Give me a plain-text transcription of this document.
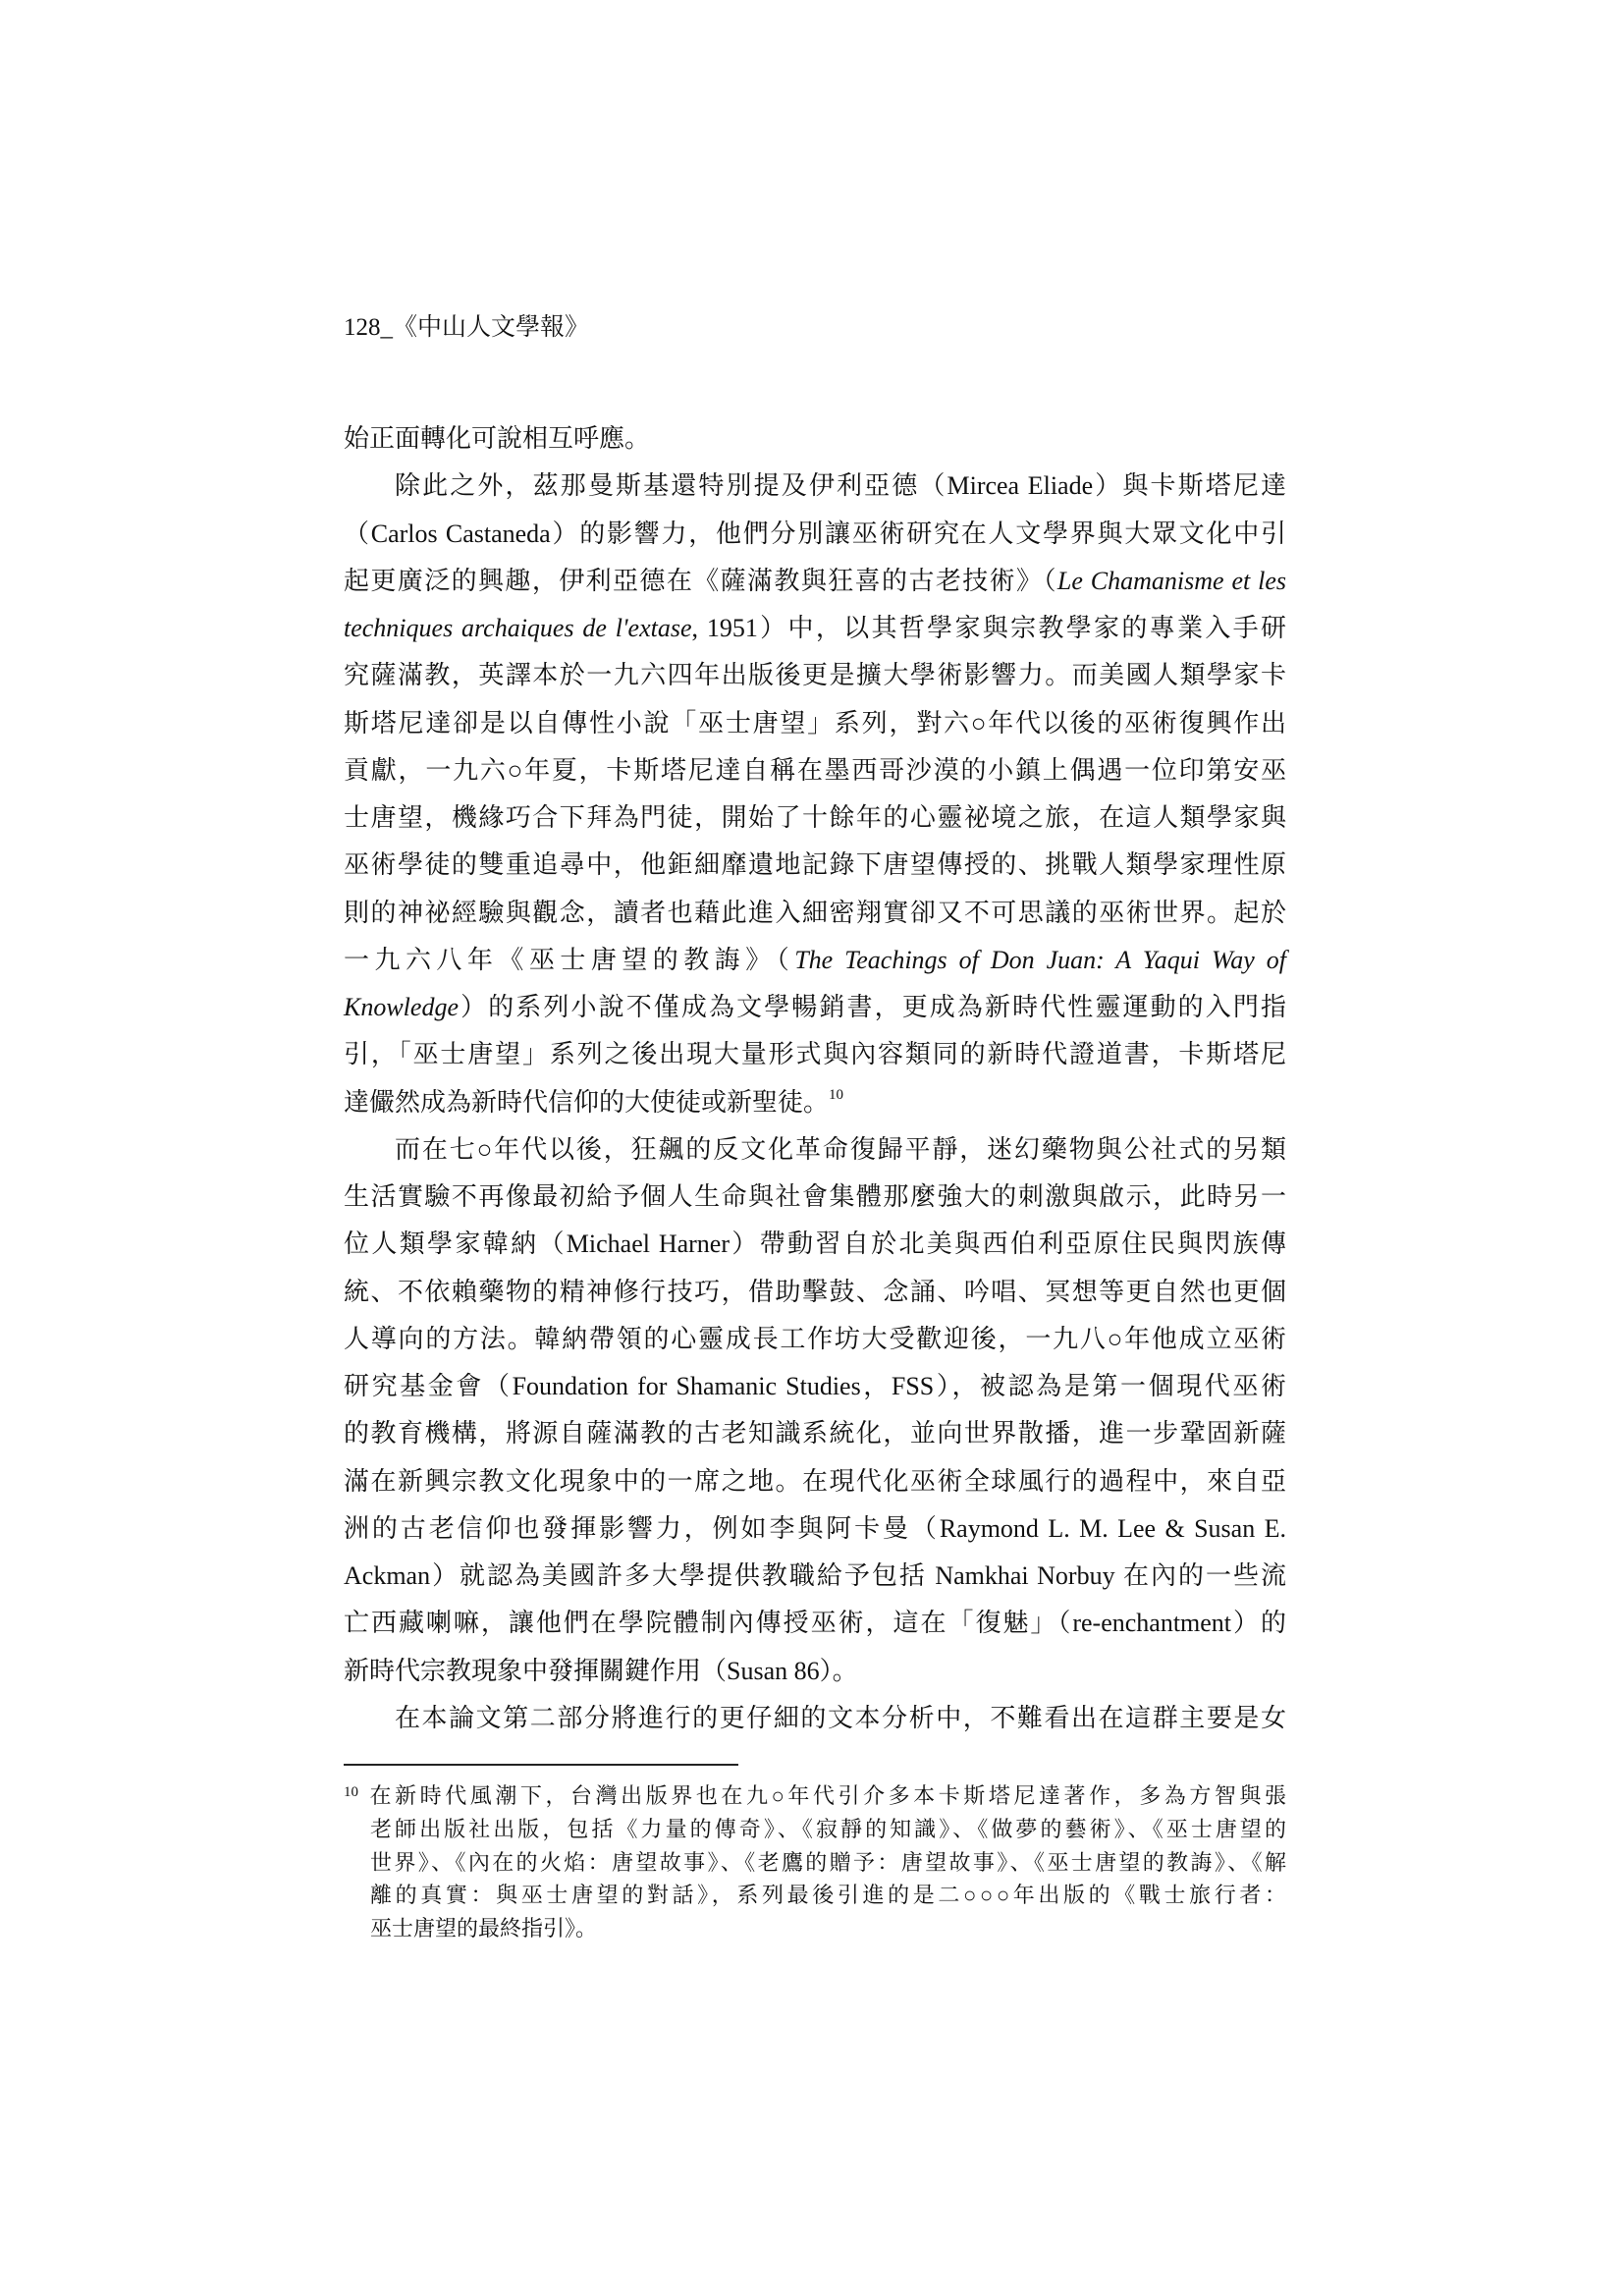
128_《中山人文學報》
始正面轉化可說相互呼應。
除此之外，茲那曼斯基還特別提及伊利亞德（Mircea Eliade）與卡斯塔尼達
（Carlos Castaneda）的影響力，他們分別讓巫術研究在人文學界與大眾文化中引
起更廣泛的興趣，伊利亞德在《薩滿教與狂喜的古老技術》（Le Chamanisme et les
techniques archaiques de l'extase, 1951）中，以其哲學家與宗教學家的專業入手研
究薩滿教，英譯本於一九六四年出版後更是擴大學術影響力。而美國人類學家卡
斯塔尼達卻是以自傳性小說「巫士唐望」系列，對六○年代以後的巫術復興作出
貢獻，一九六○年夏，卡斯塔尼達自稱在墨西哥沙漠的小鎮上偶遇一位印第安巫
士唐望，機緣巧合下拜為門徒，開始了十餘年的心靈祕境之旅，在這人類學家與
巫術學徒的雙重追尋中，他鉅細靡遺地記錄下唐望傳授的、挑戰人類學家理性原
則的神祕經驗與觀念，讀者也藉此進入細密翔實卻又不可思議的巫術世界。起於
一九六八年《巫士唐望的教誨》（The Teachings of Don Juan: A Yaqui Way of
Knowledge）的系列小說不僅成為文學暢銷書，更成為新時代性靈運動的入門指
引，「巫士唐望」系列之後出現大量形式與內容類同的新時代證道書，卡斯塔尼
達儼然成為新時代信仰的大使徒或新聖徒。$^{10}$
而在七○年代以後，狂飆的反文化革命復歸平靜，迷幻藥物與公社式的另類
生活實驗不再像最初給予個人生命與社會集體那麼強大的刺激與啟示，此時另一
位人類學家韓納（Michael Harner）帶動習自於北美與西伯利亞原住民與閃族傳
統、不依賴藥物的精神修行技巧，借助擊鼓、念誦、吟唱、冥想等更自然也更個
人導向的方法。韓納帶領的心靈成長工作坊大受歡迎後，一九八○年他成立巫術
研究基金會（Foundation for Shamanic Studies，FSS），被認為是第一個現代巫術
的教育機構，將源自薩滿教的古老知識系統化，並向世界散播，進一步鞏固新薩
滿在新興宗教文化現象中的一席之地。在現代化巫術全球風行的過程中，來自亞
洲的古老信仰也發揮影響力，例如李與阿卡曼（Raymond L. M. Lee & Susan E.
Ackman）就認為美國許多大學提供教職給予包括 Namkhai Norbuy 在內的一些流
亡西藏喇嘛，讓他們在學院體制內傳授巫術，這在「復魅」（re-enchantment）的
新時代宗教現象中發揮關鍵作用（Susan 86）。
在本論文第二部分將進行的更仔細的文本分析中，不難看出在這群主要是女
$^{10}$ 在新時代風潮下，台灣出版界也在九○年代引介多本卡斯塔尼達著作，多為方智與張
老師出版社出版，包括《力量的傳奇》、《寂靜的知識》、《做夢的藝術》、《巫士唐望的
世界》、《內在的火焰：唐望故事》、《老鷹的贈予：唐望故事》、《巫士唐望的教誨》、《解
離的真實：與巫士唐望的對話》，系列最後引進的是二○○○年出版的《戰士旅行者：
巫士唐望的最終指引》。
